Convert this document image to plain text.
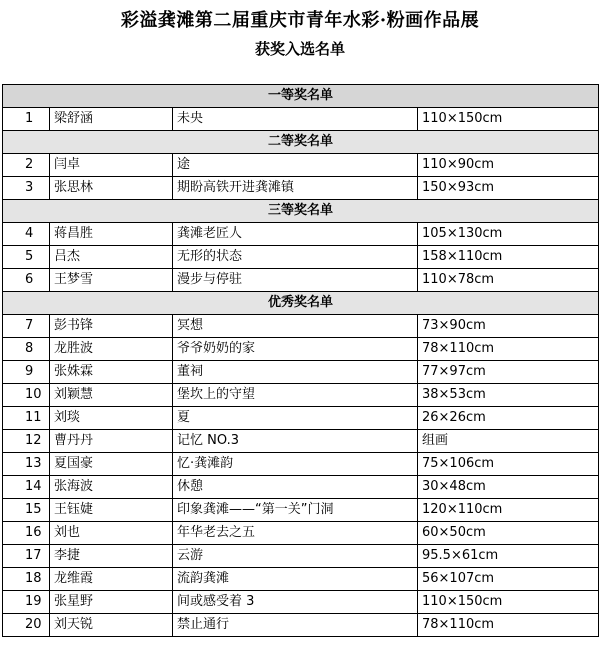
彩溢龚滩第二届重庆市青年水彩·粉画作品展
获奖入选名单
一等奖名单			
1	梁舒涵	未央	110×150cm
二等奖名单			
2	闫卓	途	110×90cm
3	张思林	期盼高铁开进龚滩镇	150×93cm
三等奖名单			
4	蒋昌胜	龚滩老匠人	105×130cm
5	吕杰	无形的状态	158×110cm
6	王梦雪	漫步与停驻	110×78cm
优秀奖名单			
7	彭书锋	冥想	73×90cm
8	龙胜波	爷爷奶奶的家	78×110cm
9	张姝霖	董祠	77×97cm
10	刘颖慧	堡坎上的守望	38×53cm
11	刘琰	夏	26×26cm
12	曹丹丹	记忆 NO.3	组画
13	夏国豪	忆·龚滩韵	75×106cm
14	张海波	休憩	30×48cm
15	王钰婕	印象龚滩——“第一关”门洞	120×110cm
16	刘也	年华老去之五	60×50cm
17	李捷	云游	95.5×61cm
18	龙维霞	流韵龚滩	56×107cm
19	张星野	间或感受着 3	110×150cm
20	刘天锐	禁止通行	78×110cm
